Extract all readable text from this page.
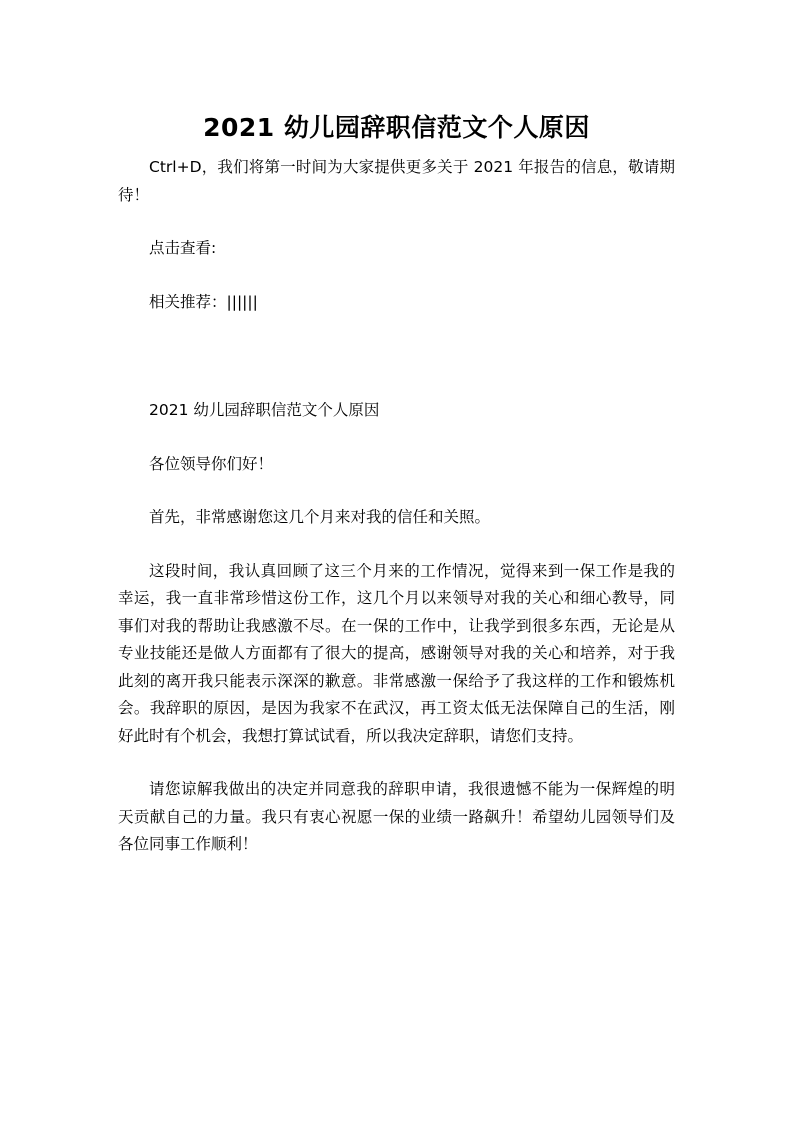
2021 幼儿园辞职信范文个人原因

Ctrl+D，我们将第一时间为大家提供更多关于 2021 年报告的信息，敬请期待！

点击查看:

相关推荐：||||||

2021 幼儿园辞职信范文个人原因

各位领导你们好！

首先，非常感谢您这几个月来对我的信任和关照。

这段时间，我认真回顾了这三个月来的工作情况，觉得来到一保工作是我的幸运，我一直非常珍惜这份工作，这几个月以来领导对我的关心和细心教导，同事们对我的帮助让我感激不尽。在一保的工作中，让我学到很多东西，无论是从专业技能还是做人方面都有了很大的提高，感谢领导对我的关心和培养，对于我此刻的离开我只能表示深深的歉意。非常感激一保给予了我这样的工作和锻炼机会。我辞职的原因，是因为我家不在武汉，再工资太低无法保障自己的生活，刚好此时有个机会，我想打算试试看，所以我决定辞职，请您们支持。

请您谅解我做出的决定并同意我的辞职申请，我很遗憾不能为一保辉煌的明天贡献自己的力量。我只有衷心祝愿一保的业绩一路飙升！希望幼儿园领导们及各位同事工作顺利！
